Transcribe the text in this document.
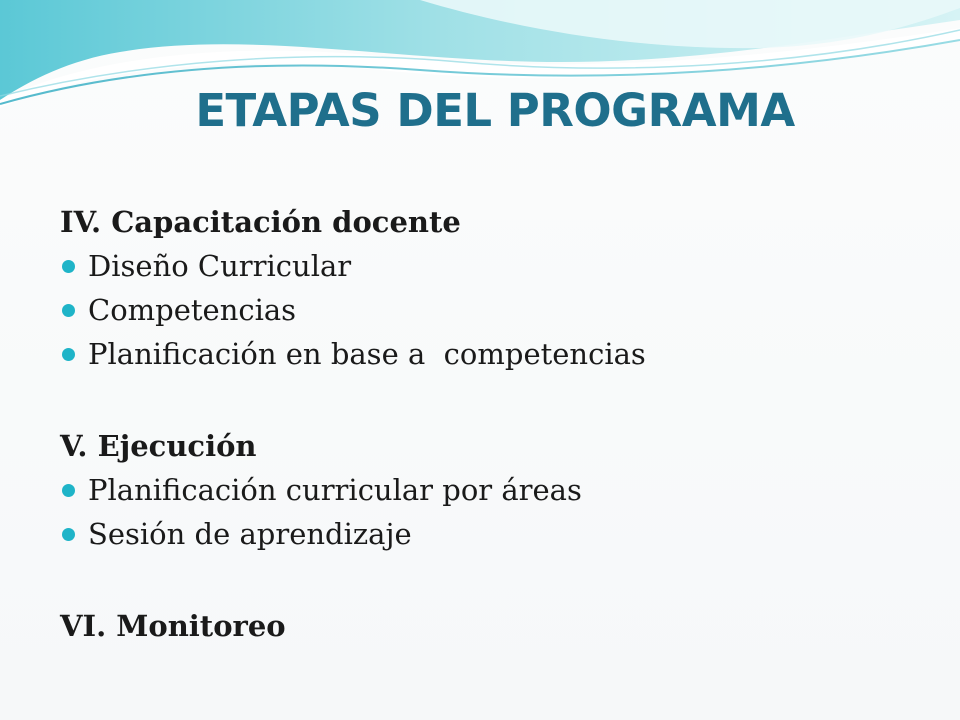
ETAPAS DEL PROGRAMA

IV. Capacitación docente

Diseño Curricular
Competencias
Planificación en base a  competencias

V. Ejecución

Planificación curricular por áreas
Sesión de aprendizaje

VI. Monitoreo
